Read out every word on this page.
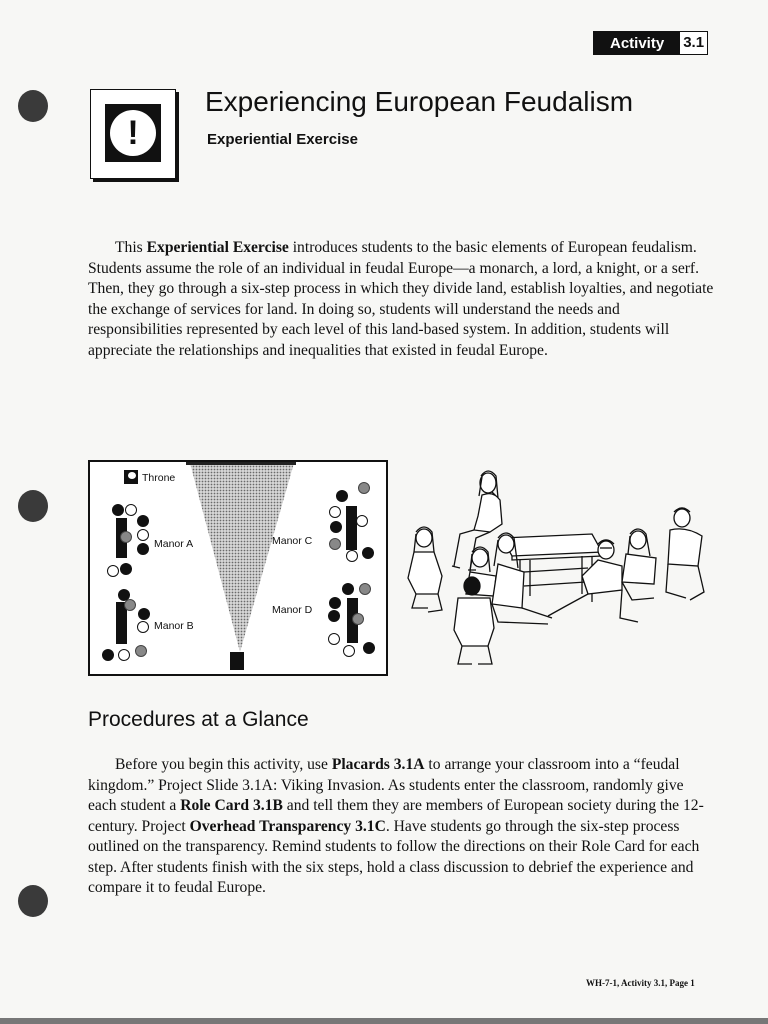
Activity	3.1
!
Experiencing European Feudalism
Experiential Exercise

This Experiential Exercise introduces students to the basic elements of European feudalism. Students assume the role of an individual in feudal Europe—a monarch, a lord, a knight, or a serf. Then, they go through a six-step process in which they divide land, establish loyalties, and negotiate the exchange of services for land. In doing so, students will understand the needs and responsibilities represented by each level of this land-based system. In addition, students will appreciate the relationships and inequalities that existed in feudal Europe.

Throne
Manor A
Manor B
Manor C
Manor D
Procedures at a Glance

Before you begin this activity, use Placards 3.1A to arrange your classroom into a “feudal kingdom.” Project Slide 3.1A: Viking Invasion. As students enter the classroom, randomly give each student a Role Card 3.1B and tell them they are members of European society during the 12-century. Project Overhead Transparency 3.1C. Have students go through the six-step process outlined on the transparency. Remind students to follow the directions on their Role Card for each step. After students finish with the six steps, hold a class discussion to debrief the experience and compare it to feudal Europe.

WH-7-1, Activity 3.1, Page 1
